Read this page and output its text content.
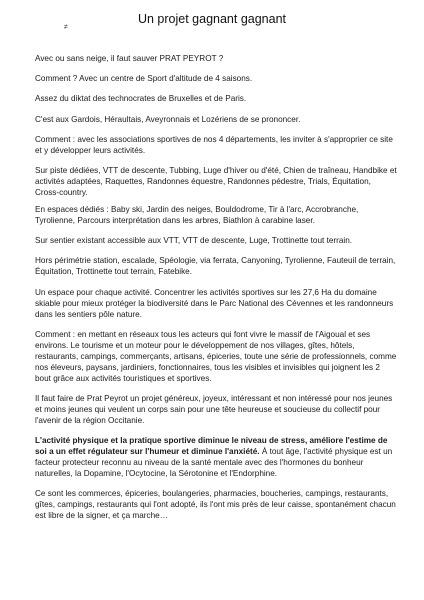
≠
Un projet gagnant gagnant

Avec ou sans neige, il faut sauver PRAT PEYROT ?

Comment ? Avec un centre de Sport d'altitude de 4 saisons.

Assez du diktat des technocrates de Bruxelles et de Paris.

C'est aux Gardois, Héraultais, Aveyronnais et Lozériens de se prononcer.

Comment : avec les associations sportives de nos 4 départements, les inviter à s'approprier ce site et y développer leurs activités.

Sur piste dédiées, VTT de descente, Tubbing, Luge d'hiver ou d'été, Chien de traîneau, Handbike et activités adaptées, Raquettes, Randonnes équestre, Randonnes pédestre, Trials, Équitation, Cross-country.

En espaces dédiés : Baby ski, Jardin des neiges, Bouldodrome, Tir à l'arc, Accrobranche, Tyrolienne, Parcours interprétation dans les arbres, Biathlon à carabine laser.

Sur sentier existant accessible aux VTT, VTT de descente, Luge, Trottinette tout terrain.

Hors périmétrie station, escalade, Spéologie, via ferrata, Canyoning, Tyrolienne, Fauteuil de terrain, Équitation, Trottinette tout terrain, Fatebike.

Un espace pour chaque activité. Concentrer les activités sportives sur les 27,6 Ha du domaine skiable pour mieux protéger la biodiversité dans le Parc National des Cévennes et les randonneurs dans les sentiers pôle nature.

Comment : en mettant en réseaux tous les acteurs qui font vivre le massif de l'Aigoual et ses environs. Le tourisme et un moteur pour le développement de nos villages, gîtes, hôtels, restaurants, campings, commerçants, artisans, épiceries, toute une série de professionnels, comme nos éleveurs, paysans, jardiniers, fonctionnaires, tous les visibles et invisibles qui joignent les 2 bout grâce aux activités touristiques et sportives.

Il faut faire de Prat Peyrot un projet généreux, joyeux, intéressant et non intéressé pour nos jeunes et moins jeunes qui veulent un corps sain pour une tête heureuse et soucieuse du collectif pour l'avenir de la région Occitanie.

L'activité physique et la pratique sportive diminue le niveau de stress, améliore l'estime de soi a un effet régulateur sur l'humeur et diminue l'anxiété. À tout âge, l'activité physique est un facteur protecteur reconnu au niveau de la santé mentale avec des l'hormones du bonheur naturelles, la Dopamine, l'Ocytocine, la Sérotonine et l'Endorphine.

Ce sont les commerces, épiceries, boulangeries, pharmacies, boucheries, campings, restaurants, gîtes, campings, restaurants qui l'ont adopté, ils l'ont mis près de leur caisse, spontanément chacun est libre de la signer, et ça marche…
